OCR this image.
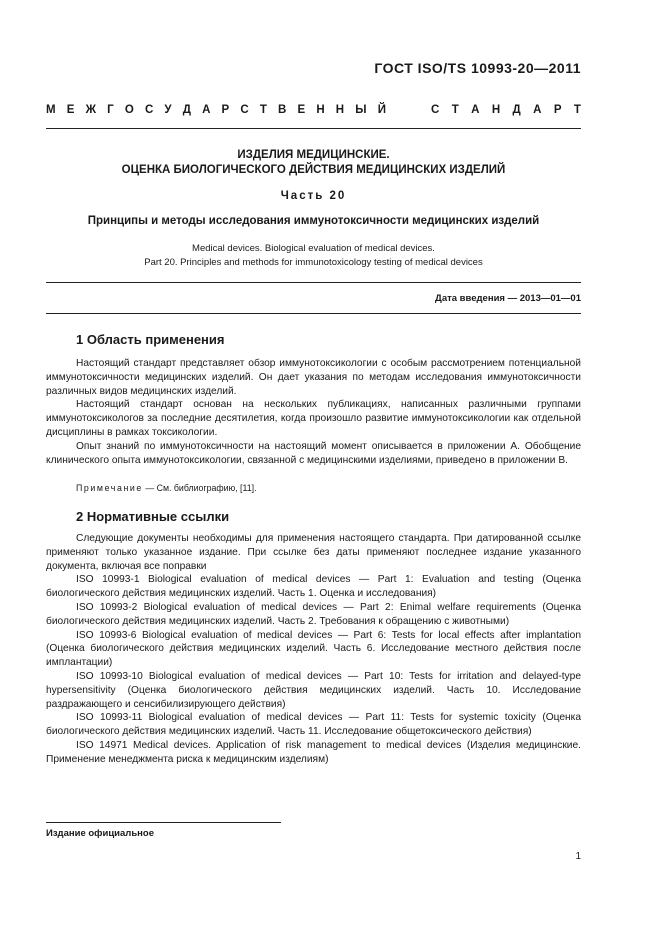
ГОСТ ISO/TS 10993-20—2011
М Е Ж Г О С У Д А Р С Т В Е Н Н Ы Й	С Т А Н Д А Р Т
ИЗДЕЛИЯ МЕДИЦИНСКИЕ.
ОЦЕНКА БИОЛОГИЧЕСКОГО ДЕЙСТВИЯ МЕДИЦИНСКИХ ИЗДЕЛИЙ
Часть 20
Принципы и методы исследования иммунотоксичности медицинских изделий
Medical devices. Biological evaluation of medical devices.
Part 20. Principles and methods for immunotoxicology testing of medical devices
Дата введения — 2013—01—01
1 Область применения

Настоящий стандарт представляет обзор иммунотоксикологии с особым рассмотрением потенциальной иммунотоксичности медицинских изделий. Он дает указания по методам исследования иммунотоксичности различных видов медицинских изделий.

Настоящий стандарт основан на нескольких публикациях, написанных различными группами иммунотоксикологов за последние десятилетия, когда произошло развитие иммунотоксикологии как отдельной дисциплины в рамках токсикологии.

Опыт знаний по иммунотоксичности на настоящий момент описывается в приложении А. Обобщение клинического опыта иммунотоксикологии, связанной с медицинскими изделиями, приведено в приложении В.

Примечание — См. библиографию, [11].
2 Нормативные ссылки

Следующие документы необходимы для применения настоящего стандарта. При датированной ссылке применяют только указанное издание. При ссылке без даты применяют последнее издание указанного документа, включая все поправки

ISO 10993-1 Biological evaluation of medical devices — Part 1: Evaluation and testing (Оценка биологического действия медицинских изделий. Часть 1. Оценка и исследования)

ISO 10993-2 Biological evaluation of medical devices — Part 2: Enimal welfare requirements (Оценка биологического действия медицинских изделий. Часть 2. Требования к обращению с животными)

ISO 10993-6 Biological evaluation of medical devices — Part 6: Tests for local effects after implantation (Оценка биологического действия медицинских изделий. Часть 6. Исследование местного действия после имплантации)

ISO 10993-10 Biological evaluation of medical devices — Part 10: Tests for irritation and delayed-type hypersensitivity (Оценка биологического действия медицинских изделий. Часть 10. Исследование раздражающего и сенсибилизирующего действия)

ISO 10993-11 Biological evaluation of medical devices — Part 11: Tests for systemic toxicity (Оценка биологического действия медицинских изделий. Часть 11. Исследование общетоксического действия)

ISO 14971 Medical devices. Application of risk management to medical devices (Изделия медицинские. Применение менеджмента риска к медицинским изделиям)

Издание официальное
1
